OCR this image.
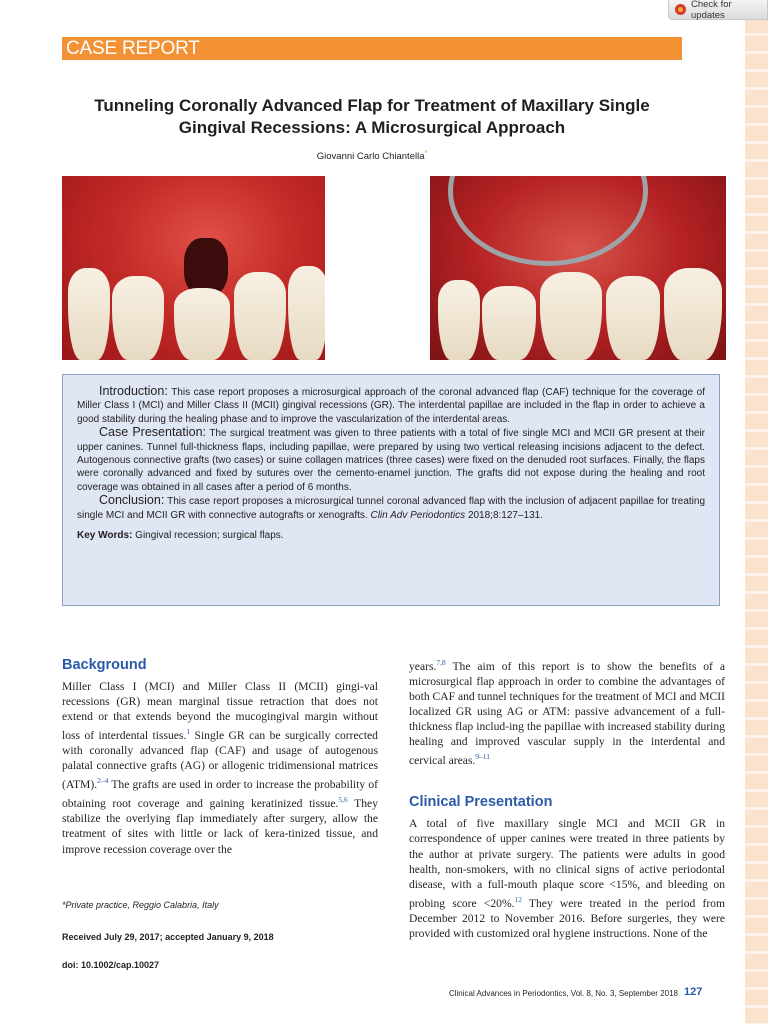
Check for updates
CASE REPORT
Tunneling Coronally Advanced Flap for Treatment of Maxillary Single Gingival Recessions: A Microsurgical Approach
Giovanni Carlo Chiantella*

Introduction: This case report proposes a microsurgical approach of the coronal advanced flap (CAF) technique for the coverage of Miller Class I (MCI) and Miller Class II (MCII) gingival recessions (GR). The interdental papillae are included in the flap in order to achieve a good stability during the healing phase and to improve the vascularization of the interdental areas.

Case Presentation: The surgical treatment was given to three patients with a total of five single MCI and MCII GR present at their upper canines. Tunnel full-thickness flaps, including papillae, were prepared by using two vertical releasing incisions adjacent to the defect. Autogenous connective grafts (two cases) or suine collagen matrices (three cases) were fixed on the denuded root surfaces. Finally, the flaps were coronally advanced and fixed by sutures over the cemento-enamel junction. The grafts did not expose during the healing and root coverage was obtained in all cases after a period of 6 months.

Conclusion: This case report proposes a microsurgical tunnel coronal advanced flap with the inclusion of adjacent papillae for treating single MCI and MCII GR with connective autografts or xenografts. Clin Adv Periodontics 2018;8:127–131.

Key Words: Gingival recession; surgical flaps.

Background

Miller Class I (MCI) and Miller Class II (MCII) gingi-val recessions (GR) mean marginal tissue retraction that does not extend or that extends beyond the mucogingival margin without loss of interdental tissues.$^1$ Single GR can be surgically corrected with coronally advanced flap (CAF) and usage of autogenous palatal connective grafts (AG) or allogenic tridimensional matrices (ATM).$^{2-4}$ The grafts are used in order to increase the probability of obtaining root coverage and gaining keratinized tissue.$^{5,6}$ They stabilize the overlying flap immediately after surgery, allow the treatment of sites with little or lack of kera-tinized tissue, and improve recession coverage over the

years.$^{7,8}$ The aim of this report is to show the benefits of a microsurgical flap approach in order to combine the advantages of both CAF and tunnel techniques for the treatment of MCI and MCII localized GR using AG or ATM: passive advancement of a full-thickness flap includ-ing the papillae with increased stability during healing and improved vascular supply in the interdental and cervical areas.$^{9-11}$

Clinical Presentation

A total of five maxillary single MCI and MCII GR in correspondence of upper canines were treated in three patients by the author at private surgery. The patients were adults in good health, non-smokers, with no clinical signs of active periodontal disease, with a full-mouth plaque score <15%, and bleeding on probing score <20%.$^{12}$ They were treated in the period from December 2012 to November 2016. Before surgeries, they were provided with customized oral hygiene instructions. None of the

*Private practice, Reggio Calabria, Italy
Received July 29, 2017; accepted January 9, 2018
doi: 10.1002/cap.10027
Clinical Advances in Periodontics, Vol. 8, No. 3, September 2018 127
